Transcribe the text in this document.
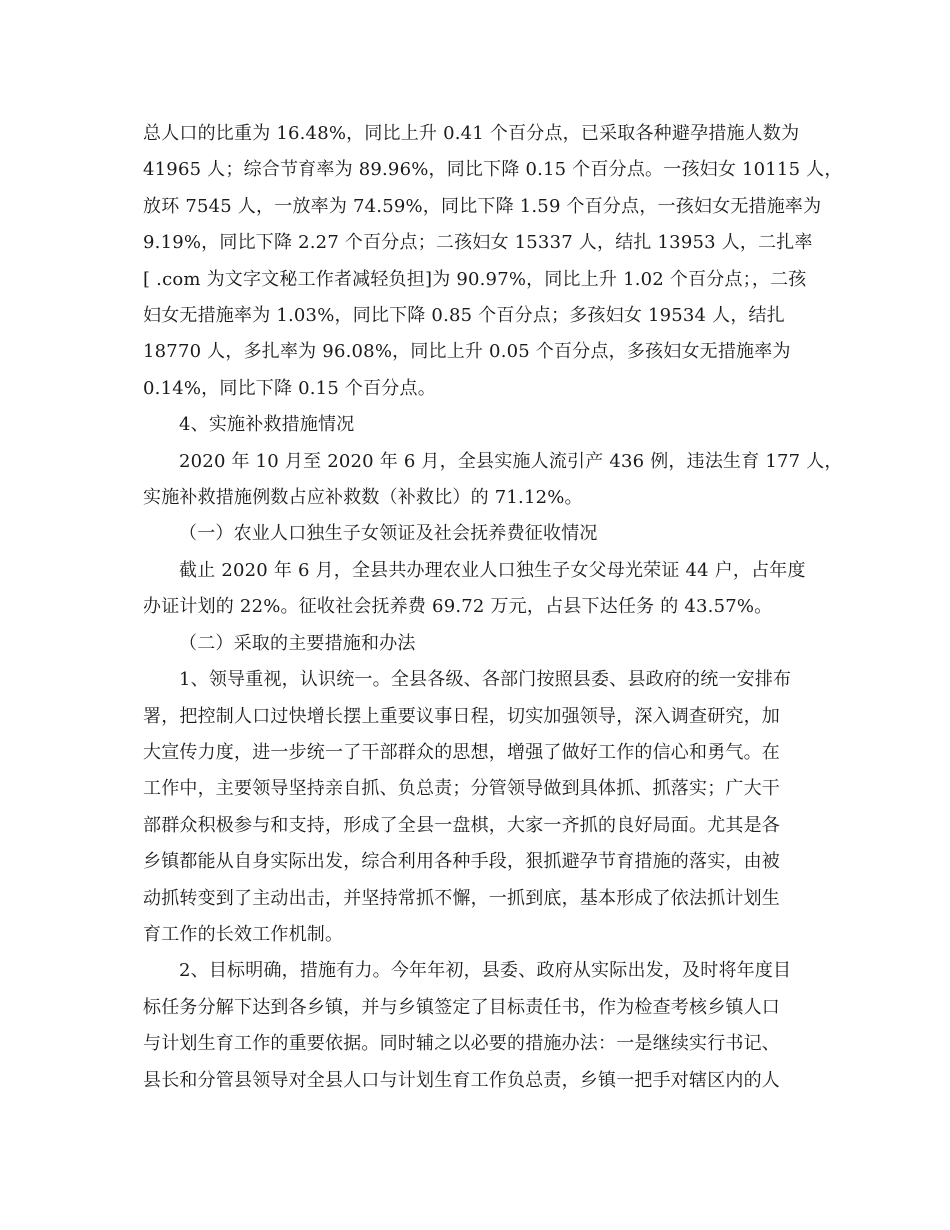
总人口的比重为 16.48%，同比上升 0.41 个百分点，已采取各种避孕措施人数为
41965 人；综合节育率为 89.96%，同比下降 0.15 个百分点。一孩妇女 10115 人，
放环 7545 人，一放率为 74.59%，同比下降 1.59 个百分点，一孩妇女无措施率为
9.19%，同比下降 2.27 个百分点；二孩妇女 15337 人，结扎 13953 人，二扎率
[ .com 为文字文秘工作者减轻负担]为 90.97%，同比上升 1.02 个百分点；，二孩
妇女无措施率为 1.03%，同比下降 0.85 个百分点；多孩妇女 19534 人，结扎
18770 人，多扎率为 96.08%，同比上升 0.05 个百分点，多孩妇女无措施率为
0.14%，同比下降 0.15 个百分点。

4、实施补救措施情况

2020 年 10 月至 2020 年 6 月，全县实施人流引产 436 例，违法生育 177 人，
实施补救措施例数占应补救数（补救比）的 71.12%。

（一）农业人口独生子女领证及社会抚养费征收情况

截止 2020 年 6 月，全县共办理农业人口独生子女父母光荣证 44 户，占年度
办证计划的 22%。征收社会抚养费 69.72 万元，占县下达任务 的 43.57%。

（二）采取的主要措施和办法

1、领导重视，认识统一。全县各级、各部门按照县委、县政府的统一安排布
署，把控制人口过快增长摆上重要议事日程，切实加强领导，深入调查研究，加
大宣传力度，进一步统一了干部群众的思想，增强了做好工作的信心和勇气。在
工作中，主要领导坚持亲自抓、负总责；分管领导做到具体抓、抓落实；广大干
部群众积极参与和支持，形成了全县一盘棋，大家一齐抓的良好局面。尤其是各
乡镇都能从自身实际出发，综合利用各种手段，狠抓避孕节育措施的落实，由被
动抓转变到了主动出击，并坚持常抓不懈，一抓到底，基本形成了依法抓计划生
育工作的长效工作机制。

2、目标明确，措施有力。今年年初，县委、政府从实际出发，及时将年度目
标任务分解下达到各乡镇，并与乡镇签定了目标责任书，作为检查考核乡镇人口
与计划生育工作的重要依据。同时辅之以必要的措施办法：一是继续实行书记、
县长和分管县领导对全县人口与计划生育工作负总责，乡镇一把手对辖区内的人
